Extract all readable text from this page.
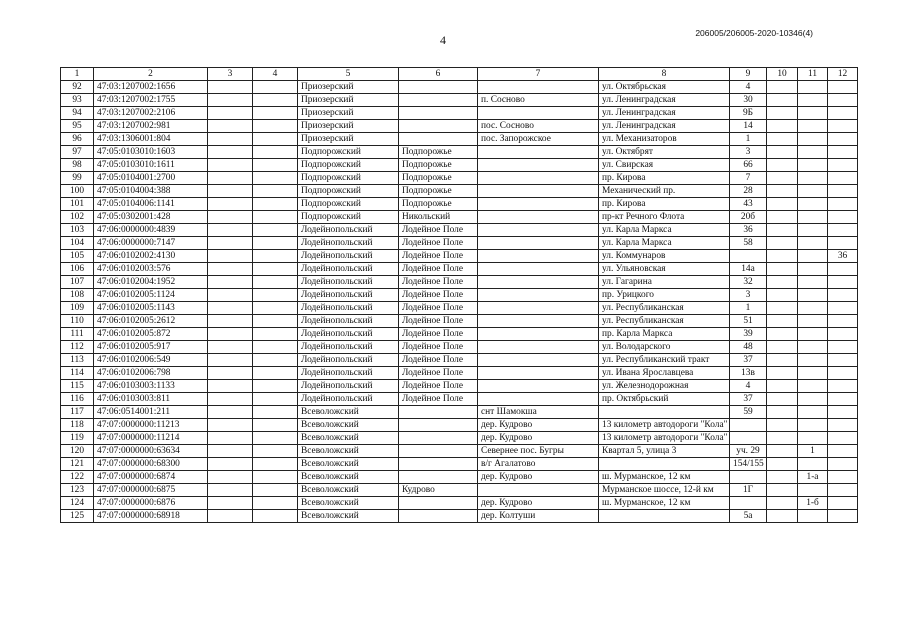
4	206005/206005-2020-10346(4)
1	2	3	4	5	6	7	8	9	10	11	12
92	47:03:1207002:1656			Приозерский			ул. Октябрьская	4			
93	47:03:1207002:1755			Приозерский		п. Сосново	ул. Ленинградская	30			
94	47:03:1207002:2106			Приозерский			ул. Ленинградская	9Б			
95	47:03:1207002:981			Приозерский		пос. Сосново	ул. Ленинградская	14			
96	47:03:1306001:804			Приозерский		пос. Запорожское	ул. Механизаторов	1			
97	47:05:0103010:1603			Подпорожский	Подпорожье		ул. Октябрят	3			
98	47:05:0103010:1611			Подпорожский	Подпорожье		ул. Свирская	66			
99	47:05:0104001:2700			Подпорожский	Подпорожье		пр. Кирова	7			
100	47:05:0104004:388			Подпорожский	Подпорожье		Механический пр.	28			
101	47:05:0104006:1141			Подпорожский	Подпорожье		пр. Кирова	43			
102	47:05:0302001:428			Подпорожский	Никольский		пр-кт Речного Флота	20б			
103	47:06:0000000:4839			Лодейнопольский	Лодейное Поле		ул. Карла Маркса	36			
104	47:06:0000000:7147			Лодейнопольский	Лодейное Поле		ул. Карла Маркса	58			
105	47:06:0102002:4130			Лодейнопольский	Лодейное Поле		ул. Коммунаров				36
106	47:06:0102003:576			Лодейнопольский	Лодейное Поле		ул. Ульяновская	14а			
107	47:06:0102004:1952			Лодейнопольский	Лодейное Поле		ул. Гагарина	32			
108	47:06:0102005:1124			Лодейнопольский	Лодейное Поле		пр. Урицкого	3			
109	47:06:0102005:1143			Лодейнопольский	Лодейное Поле		ул. Республиканская	1			
110	47:06:0102005:2612			Лодейнопольский	Лодейное Поле		ул. Республиканская	51			
111	47:06:0102005:872			Лодейнопольский	Лодейное Поле		пр. Карла Маркса	39			
112	47:06:0102005:917			Лодейнопольский	Лодейное Поле		ул. Володарского	48			
113	47:06:0102006:549			Лодейнопольский	Лодейное Поле		ул. Республиканский тракт	37			
114	47:06:0102006:798			Лодейнопольский	Лодейное Поле		ул. Ивана Ярославцева	13в			
115	47:06:0103003:1133			Лодейнопольский	Лодейное Поле		ул. Железнодорожная	4			
116	47:06:0103003:811			Лодейнопольский	Лодейное Поле		пр. Октябрьский	37			
117	47:06:0514001:211			Всеволожский		снт Шамокша		59			
118	47:07:0000000:11213			Всеволожский		дер. Кудрово	13 километр автодороги "Кола"				
119	47:07:0000000:11214			Всеволожский		дер. Кудрово	13 километр автодороги "Кола"				
120	47:07:0000000:63634			Всеволожский		Севернее пос. Бугры	Квартал 5, улица 3	уч. 29		1	
121	47:07:0000000:68300			Всеволожский		в/г Агалатово		154/155			
122	47:07:0000000:6874			Всеволожский		дер. Кудрово	ш. Мурманское, 12 км			1-а	
123	47:07:0000000:6875			Всеволожский	Кудрово		Мурманское шоссе, 12-й км	1Г			
124	47:07:0000000:6876			Всеволожский		дер. Кудрово	ш. Мурманское, 12 км			1-б	
125	47:07:0000000:68918			Всеволожский		дер. Колтуши		5а			
